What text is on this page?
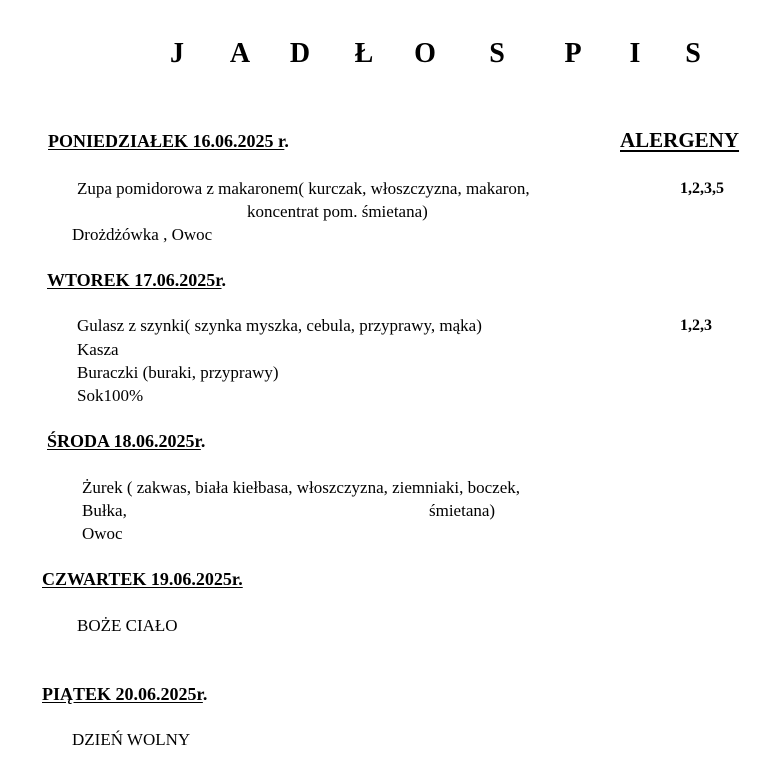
J A D Ł O S P I S
ALERGENY
PONIEDZIAŁEK 16.06.2025 r.
Zupa pomidorowa z makaronem( kurczak, włoszczyzna, makaron,
koncentrat pom. śmietana)
Drożdżówka , Owoc
1,2,3,5
WTOREK 17.06.2025r.
Gulasz z szynki( szynka myszka, cebula, przyprawy, mąka)
Kasza
Buraczki (buraki, przyprawy)
Sok100%
1,2,3
ŚRODA 18.06.2025r.
Żurek ( zakwas, biała kiełbasa, włoszczyzna, ziemniaki, boczek,
Bułka,	śmietana)
Owoc
CZWARTEK 19.06.2025r.
BOŻE CIAŁO
PIĄTEK 20.06.2025r.
DZIEŃ WOLNY
